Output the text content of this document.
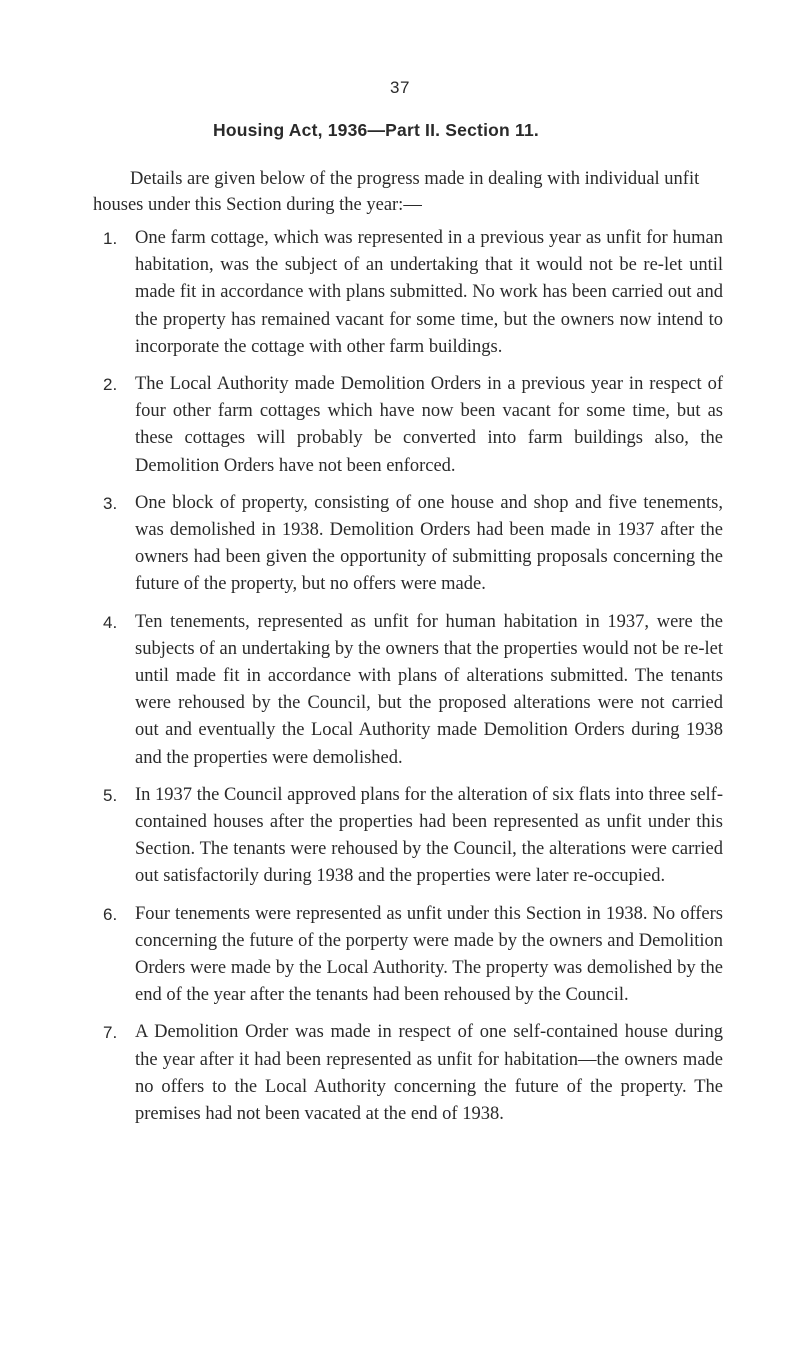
37
Housing Act, 1936—Part II. Section 11.

Details are given below of the progress made in dealing with individual unfit houses under this Section during the year:—

1. One farm cottage, which was represented in a previous year as unfit for human habitation, was the subject of an undertaking that it would not be re-let until made fit in accordance with plans submitted. No work has been carried out and the property has remained vacant for some time, but the owners now intend to incorporate the cottage with other farm buildings.
2. The Local Authority made Demolition Orders in a previous year in respect of four other farm cottages which have now been vacant for some time, but as these cottages will probably be converted into farm buildings also, the Demolition Orders have not been enforced.
3. One block of property, consisting of one house and shop and five tenements, was demolished in 1938. Demolition Orders had been made in 1937 after the owners had been given the opportunity of submitting proposals concerning the future of the property, but no offers were made.
4. Ten tenements, represented as unfit for human habitation in 1937, were the subjects of an undertaking by the owners that the properties would not be re-let until made fit in accordance with plans of alterations submitted. The tenants were rehoused by the Council, but the proposed alterations were not carried out and eventually the Local Authority made Demolition Orders during 1938 and the properties were demolished.
5. In 1937 the Council approved plans for the alteration of six flats into three self-contained houses after the properties had been represented as unfit under this Section. The tenants were rehoused by the Council, the alterations were carried out satisfactorily during 1938 and the properties were later re-occupied.
6. Four tenements were represented as unfit under this Section in 1938. No offers concerning the future of the porperty were made by the owners and Demolition Orders were made by the Local Authority. The property was demolished by the end of the year after the tenants had been rehoused by the Council.
7. A Demolition Order was made in respect of one self-contained house during the year after it had been represented as unfit for habitation—the owners made no offers to the Local Authority concerning the future of the property. The premises had not been vacated at the end of 1938.
